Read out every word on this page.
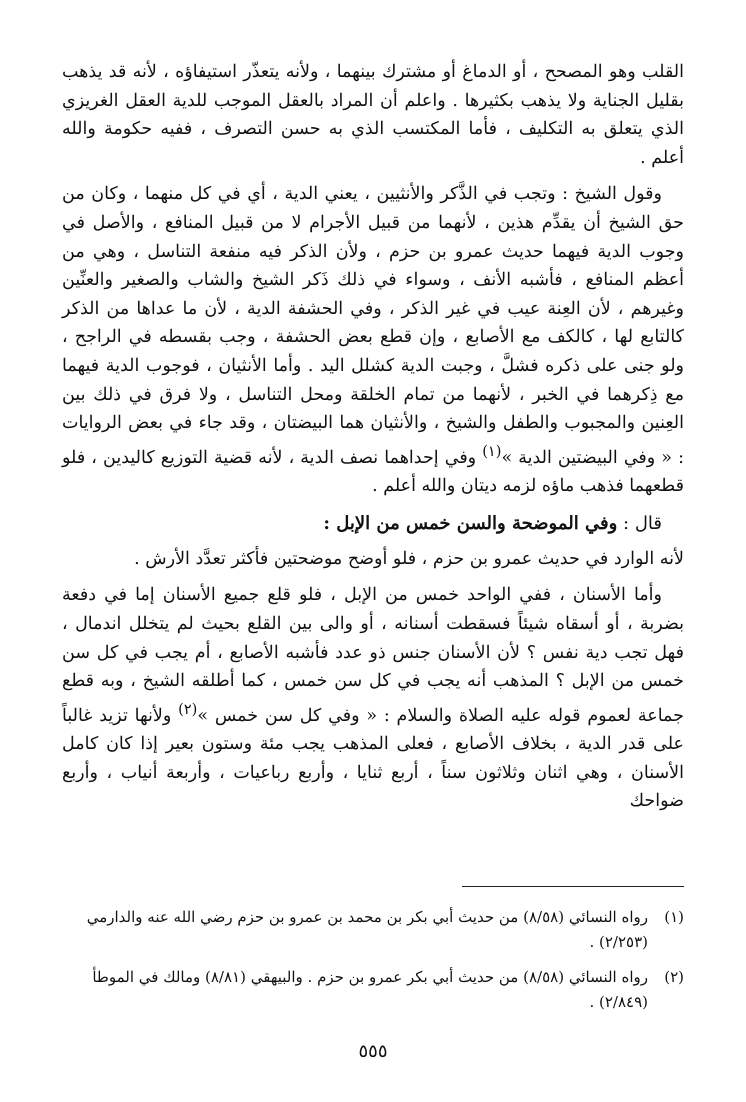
القلب وهو المصحح ، أو الدماغ أو مشترك بينهما ، ولأنه يتعذّر استيفاؤه ، لأنه قد يذهب بقليل الجناية ولا يذهب بكثيرها . واعلم أن المراد بالعقل الموجب للدية العقل الغريزي الذي يتعلق به التكليف ، فأما المكتسب الذي به حسن التصرف ، ففيه حكومة والله أعلم .

وقول الشيخ : وتجب في الذَّكر والأنثيين ، يعني الدية ، أي في كل منهما ، وكان من حق الشيخ أن يقدِّم هذين ، لأنهما من قبيل الأجرام لا من قبيل المنافع ، والأصل في وجوب الدية فيهما حديث عمرو بن حزم ، ولأن الذكر فيه منفعة التناسل ، وهي من أعظم المنافع ، فأشبه الأنف ، وسواء في ذلك ذَكر الشيخ والشاب والصغير والعنِّين وغيرهم ، لأن العِنة عيب في غير الذكر ، وفي الحشفة الدية ، لأن ما عداها من الذكر كالتابع لها ، كالكف مع الأصابع ، وإن قطع بعض الحشفة ، وجب بقسطه في الراجح ، ولو جنى على ذكره فشلَّ ، وجبت الدية كشلل اليد . وأما الأنثيان ، فوجوب الدية فيهما مع ذِكرهما في الخبر ، لأنهما من تمام الخلقة ومحل التناسل ، ولا فرق في ذلك بين العِنين والمجبوب والطفل والشيخ ، والأنثيان هما البيضتان ، وقد جاء في بعض الروايات : « وفي البيضتين الدية »$^{(١)}$ وفي إحداهما نصف الدية ، لأنه قضية التوزيع كاليدين ، فلو قطعهما فذهب ماؤه لزمه ديتان والله أعلم .

قال : وفي الموضحة والسن خمس من الإبل :

لأنه الوارد في حديث عمرو بن حزم ، فلو أوضح موضحتين فأكثر تعدَّد الأرش .

وأما الأسنان ، ففي الواحد خمس من الإبل ، فلو قلع جميع الأسنان إما في دفعة بضربة ، أو أسقاه شيئاً فسقطت أسنانه ، أو والى بين القلع بحيث لم يتخلل اندمال ، فهل تجب دية نفس ؟ لأن الأسنان جنس ذو عدد فأشبه الأصابع ، أم يجب في كل سن خمس من الإبل ؟ المذهب أنه يجب في كل سن خمس ، كما أطلقه الشيخ ، وبه قطع جماعة لعموم قوله عليه الصلاة والسلام : « وفي كل سن خمس »$^{(٢)}$ ولأنها تزيد غالباً على قدر الدية ، بخلاف الأصابع ، فعلى المذهب يجب مئة وستون بعير إذا كان كامل الأسنان ، وهي اثنان وثلاثون سناً ، أربع ثنايا ، وأربع رباعيات ، وأربعة أنياب ، وأربع ضواحك

(١)
رواه النسائي (٨/٥٨) من حديث أبي بكر بن محمد بن عمرو بن حزم رضي الله عنه والدارمي (٢/٢٥٣) .
(٢)
رواه النسائي (٨/٥٨) من حديث أبي بكر عمرو بن حزم . والبيهقي (٨/٨١) ومالك في الموطأ (٢/٨٤٩) .
٥٥٥
